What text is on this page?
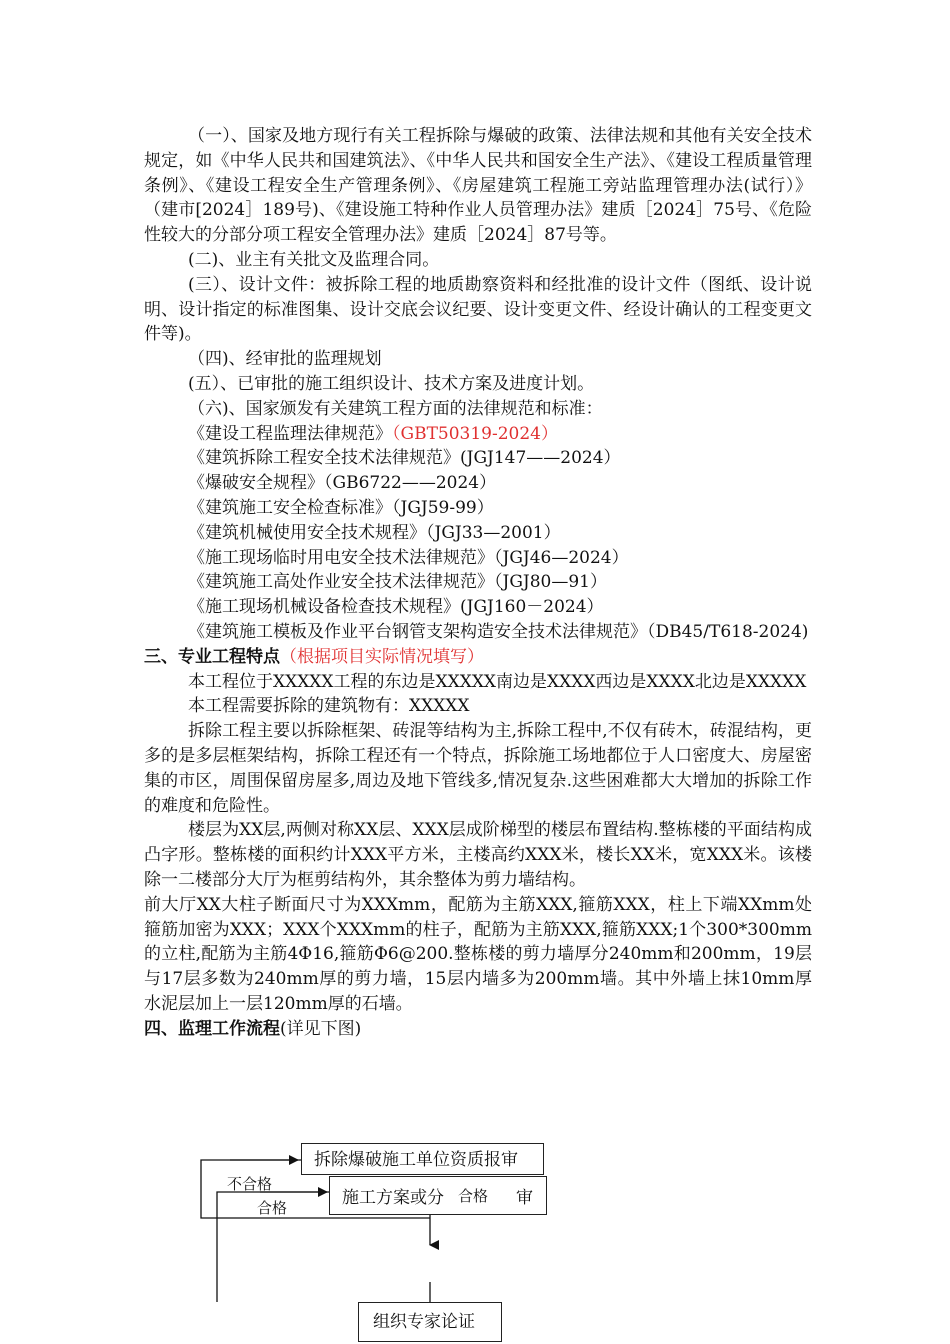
（一）、国家及地方现行有关工程拆除与爆破的政策、法律法规和其他有关安全技术规定，如《中华人民共和国建筑法》、《中华人民共和国安全生产法》、《建设工程质量管理条例》、《建设工程安全生产管理条例》、《房屋建筑工程施工旁站监理管理办法(试行）》（建市[2024］189号)、《建设施工特种作业人员管理办法》建质［2024］75号、《危险性较大的分部分项工程安全管理办法》建质［2024］87号等。

(二)、业主有关批文及监理合同。

(三）、设计文件：被拆除工程的地质勘察资料和经批准的设计文件（图纸、设计说明、设计指定的标准图集、设计交底会议纪要、设计变更文件、经设计确认的工程变更文件等)。

（四)、经审批的监理规划

(五）、已审批的施工组织设计、技术方案及进度计划。

（六)、国家颁发有关建筑工程方面的法律规范和标准：

《建设工程监理法律规范》（GBT50319-2024）

《建筑拆除工程安全技术法律规范》(JGJ147——2024）

《爆破安全规程》（GB6722——2024）

《建筑施工安全检查标准》（JGJ59-99）

《建筑机械使用安全技术规程》（JGJ33—2001）

《施工现场临时用电安全技术法律规范》（JGJ46—2024）

《建筑施工高处作业安全技术法律规范》（JGJ80—91）

《施工现场机械设备检查技术规程》(JGJ160－2024）

《建筑施工模板及作业平台钢管支架构造安全技术法律规范》（DB45/T618-2024)

三、专业工程特点（根据项目实际情况填写）

本工程位于XXXXX工程的东边是XXXXX南边是XXXX西边是XXXX北边是XXXXX

本工程需要拆除的建筑物有：XXXXX

拆除工程主要以拆除框架、砖混等结构为主,拆除工程中,不仅有砖木，砖混结构，更多的是多层框架结构，拆除工程还有一个特点，拆除施工场地都位于人口密度大、房屋密集的市区，周围保留房屋多,周边及地下管线多,情况复杂.这些困难都大大增加的拆除工作的难度和危险性。

楼层为XX层,两侧对称XX层、XXX层成阶梯型的楼层布置结构.整栋楼的平面结构成凸字形。整栋楼的面积约计XXX平方米，主楼高约XXX米，楼长XX米，宽XXX米。该楼除一二楼部分大厅为框剪结构外，其余整体为剪力墙结构。

前大厅XX大柱子断面尺寸为XXXmm，配筋为主筋XXX,箍筋XXX，柱上下端XXmm处箍筋加密为XXX；XXX个XXXmm的柱子，配筋为主筋XXX,箍筋XXX;1个300*300mm的立柱,配筋为主筋4Φ16,箍筋Φ6@200.整栋楼的剪力墙厚分240mm和200mm，19层与17层多数为240mm厚的剪力墙，15层内墙多为200mm墙。其中外墙上抹10mm厚水泥层加上一层120mm厚的石墙。

四、监理工作流程(详见下图)

拆除爆破施工单位资质报审
施工方案或分 合格 审
不合格
合格
组织专家论证
